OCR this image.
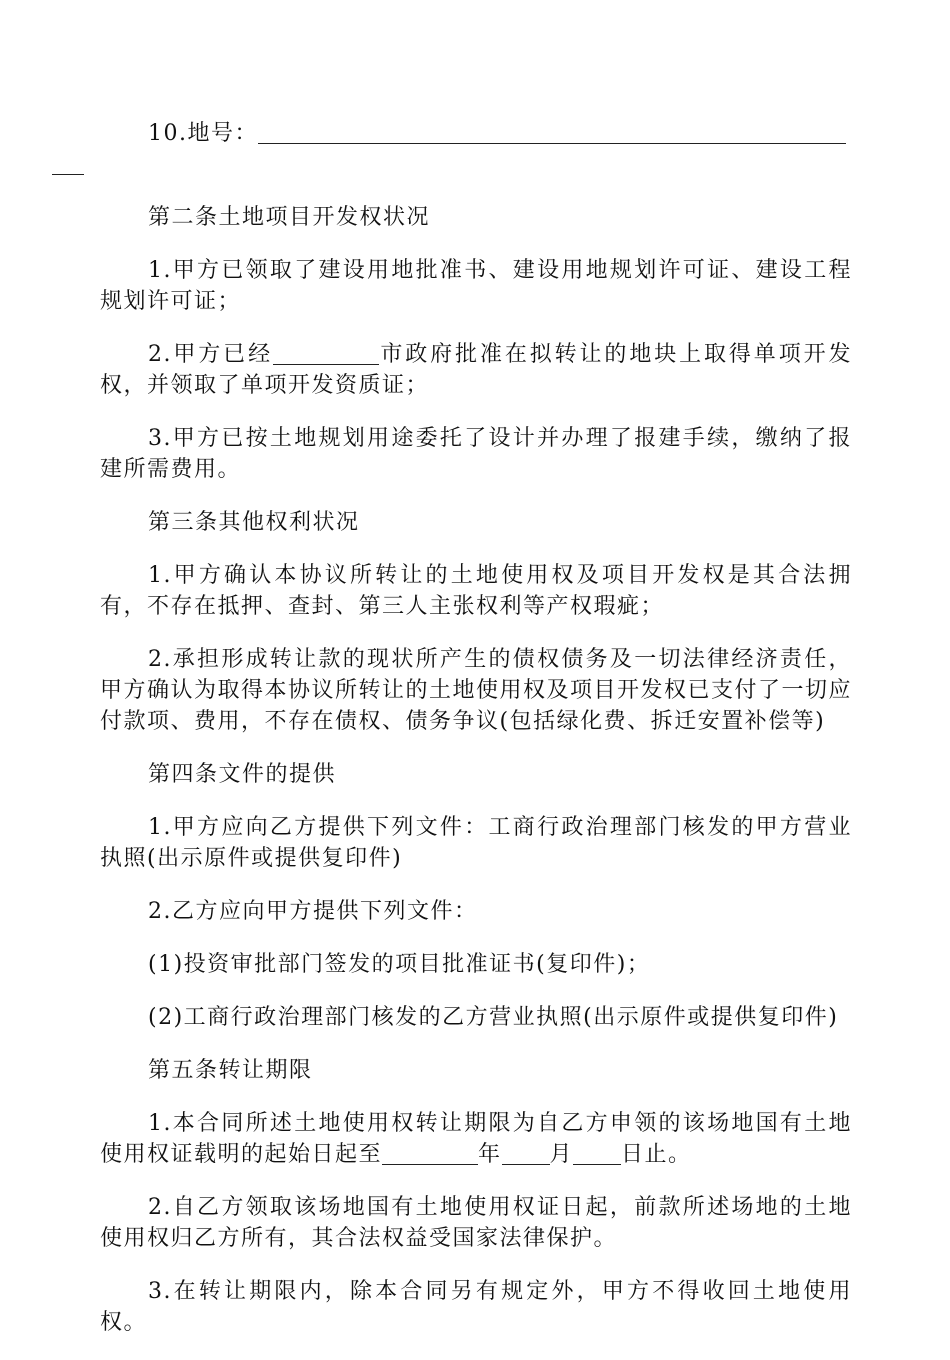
10.地号：

第二条土地项目开发权状况

1.甲方已领取了建设用地批准书、建设用地规划许可证、建设工程规划许可证；

2.甲方已经	市政府批准在拟转让的地块上取得单项开发权，并领取了单项开发资质证；

3.甲方已按土地规划用途委托了设计并办理了报建手续，缴纳了报建所需费用。

第三条其他权利状况

1.甲方确认本协议所转让的土地使用权及项目开发权是其合法拥有，不存在抵押、查封、第三人主张权利等产权瑕疵；

2.承担形成转让款的现状所产生的债权债务及一切法律经济责任，甲方确认为取得本协议所转让的土地使用权及项目开发权已支付了一切应付款项、费用，不存在债权、债务争议(包括绿化费、拆迁安置补偿等)

第四条文件的提供

1.甲方应向乙方提供下列文件：工商行政治理部门核发的甲方营业执照(出示原件或提供复印件)

2.乙方应向甲方提供下列文件：

(1)投资审批部门签发的项目批准证书(复印件)；

(2)工商行政治理部门核发的乙方营业执照(出示原件或提供复印件)

第五条转让期限

1.本合同所述土地使用权转让期限为自乙方申领的该场地国有土地使用权证载明的起始日起至	年 月 日止。

2.自乙方领取该场地国有土地使用权证日起，前款所述场地的土地使用权归乙方所有，其合法权益受国家法律保护。

3.在转让期限内，除本合同另有规定外，甲方不得收回土地使用权。
